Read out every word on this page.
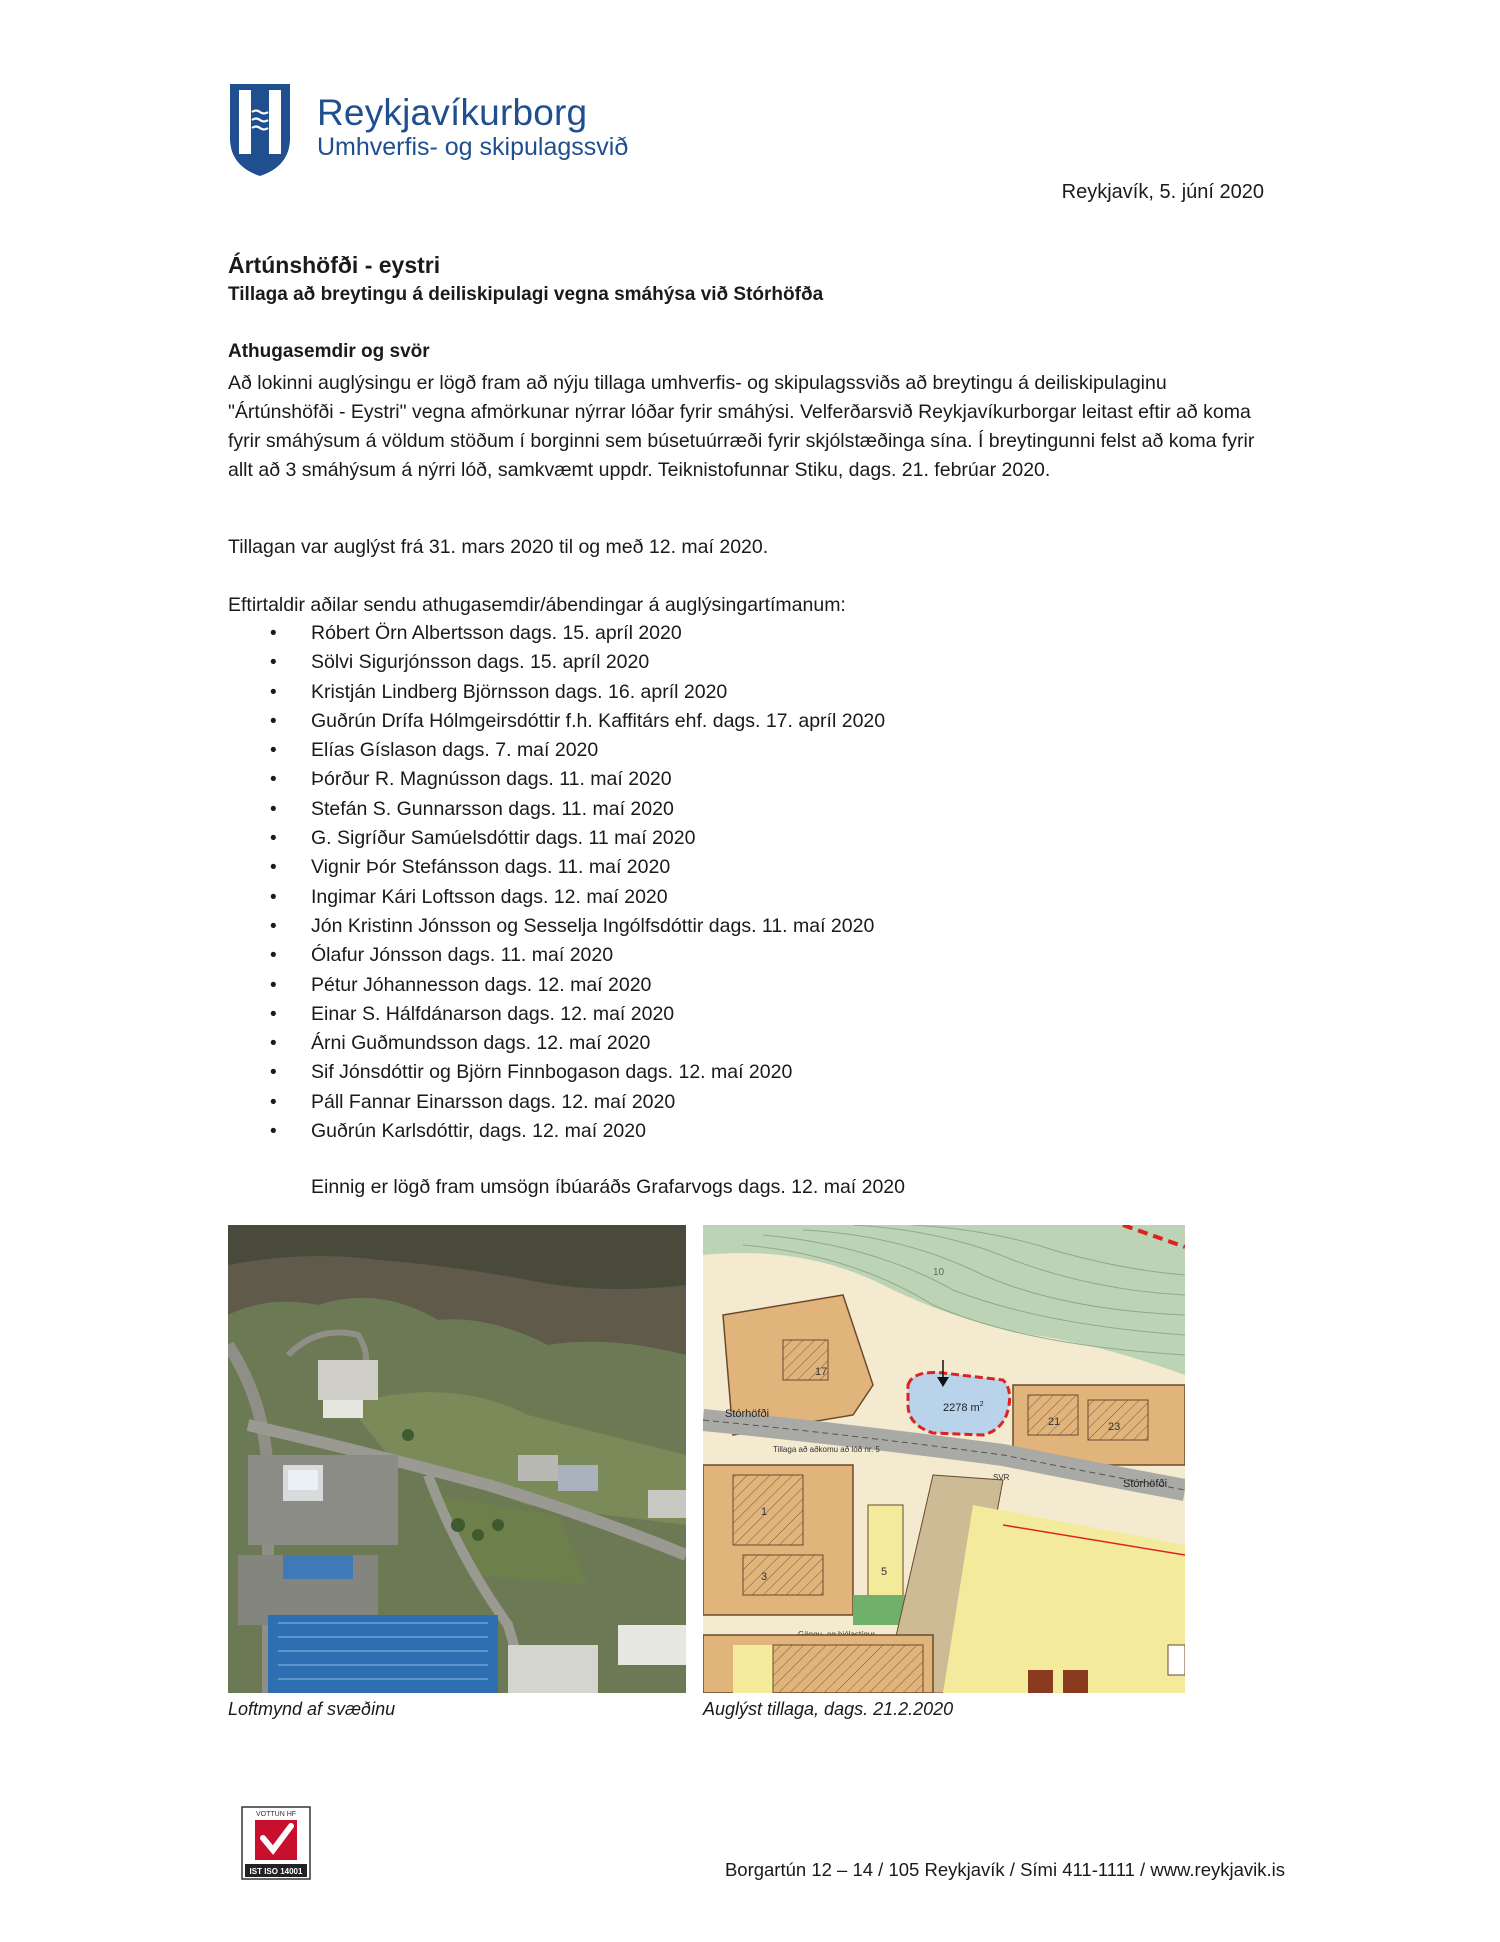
Reykjavíkurborg
Umhverfis- og skipulagssvið
Reykjavík, 5. júní 2020
Ártúnshöfði - eystri
Tillaga að breytingu á deiliskipulagi vegna smáhýsa við Stórhöfða
Athugasemdir og svör
Að lokinni auglýsingu er lögð fram að nýju tillaga umhverfis- og skipulagssviðs að breytingu á deiliskipulaginu "Ártúnshöfði - Eystri" vegna afmörkunar nýrrar lóðar fyrir smáhýsi. Velferðarsvið Reykjavíkurborgar leitast eftir að koma fyrir smáhýsum á völdum stöðum í borginni sem búsetuúrræði fyrir skjólstæðinga sína. Í breytingunni felst að koma fyrir allt að 3 smáhýsum á nýrri lóð, samkvæmt uppdr. Teiknistofunnar Stiku, dags. 21. febrúar 2020.
Tillagan var auglýst frá 31. mars 2020 til og með 12. maí 2020.
Eftirtaldir aðilar sendu athugasemdir/ábendingar á auglýsingartímanum:
• Róbert Örn Albertsson dags. 15. apríl 2020
• Sölvi Sigurjónsson dags. 15. apríl 2020
• Kristján Lindberg Björnsson dags. 16. apríl 2020
• Guðrún Drífa Hólmgeirsdóttir f.h. Kaffitárs ehf. dags. 17. apríl 2020
• Elías Gíslason dags. 7. maí 2020
• Þórður R. Magnússon dags. 11. maí 2020
• Stefán S. Gunnarsson dags. 11. maí 2020
• G. Sigríður Samúelsdóttir dags. 11 maí 2020
• Vignir Þór Stefánsson dags. 11. maí 2020
• Ingimar Kári Loftsson dags. 12. maí 2020
• Jón Kristinn Jónsson og Sesselja Ingólfsdóttir dags. 11. maí 2020
• Ólafur Jónsson dags. 11. maí 2020
• Pétur Jóhannesson dags. 12. maí 2020
• Einar S. Hálfdánarson dags. 12. maí 2020
• Árni Guðmundsson dags. 12. maí 2020
• Sif Jónsdóttir og Björn Finnbogason dags. 12. maí 2020
• Páll Fannar Einarsson dags. 12. maí 2020
• Guðrún Karlsdóttir, dags. 12. maí 2020
Einnig er lögð fram umsögn íbúaráðs Grafarvogs dags. 12. maí 2020
Loftmynd af svæðinu
10
17
21	23
2278 $m^2$
Stórhöfði
Stórhöfði
Tillaga að aðkomu að lóð nr. 5
SVR
1
3	5
Auglýst tillaga, dags. 21.2.2020
VOTTUN HF
IST ISO 14001	Borgartún 12 – 14 / 105 Reykjavík / Sími 411-1111 / www.reykjavik.is
